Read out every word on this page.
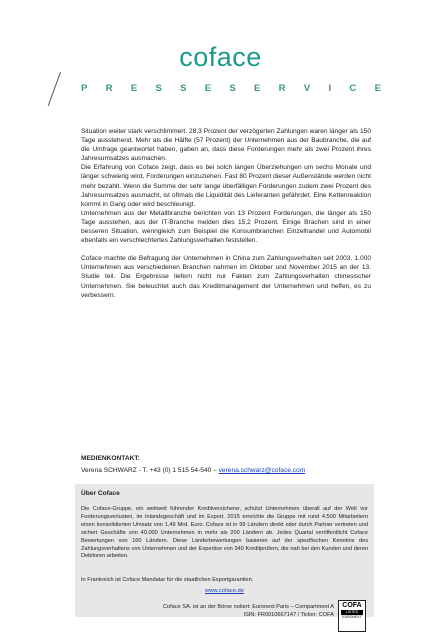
coface
P R E S S E S E R V I C E

Situation weiter stark verschlimmert. 28,3 Prozent der verzögerten Zahlungen waren länger als 150 Tage ausstehend. Mehr als die Hälfte (57 Prozent) der Unternehmen aus der Baubranche, die auf die Umfrage geantwortet haben, gaben an, dass diese Forderungen mehr als zwei Prozent ihres Jahresumsatzes ausmachen.

Die Erfahrung von Coface zeigt, dass es bei solch langen Überziehungen um sechs Monate und länger schwierig wird, Forderungen einzuziehen. Fast 80 Prozent dieser Außenstände werden nicht mehr bezahlt. Wenn die Summe der sehr lange überfälligen Forderungen zudem zwei Prozent des Jahresumsatzes ausmacht, ist oftmals die Liquidität des Lieferanten gefährdet. Eine Kettenreaktion kommt in Gang oder wird beschleunigt.

Unternehmen aus der Metallbranche berichten von 13 Prozent Forderungen, die länger als 150 Tage ausstehen, aus der IT-Branche melden dies 15,2 Prozent. Einige Brachen sind in einer besseren Situation, wenngleich zum Beispiel die Konsumbranchen Einzelhandel und Automobil ebenfalls ein verschlechtertes Zahlungsverhalten feststellen.

Coface machte die Befragung der Unternehmen in China zum Zahlungsverhalten seit 2003. 1.000 Unternehmen aus verschiedenen Branchen nahmen im Oktober und November 2015 an der 13. Studie teil. Die Ergebnisse liefern nicht nur Fakten zum Zahlungsverhalten chinesischer Unternehmen. Sie beleuchtet auch das Kreditmanagement der Unternehmen und helfen, es zu verbessern.

MEDIENKONTAKT:
Verena SCHWARZ - T. +43 (0) 1 515 54-540 – verena.schwarz@coface.com
Über Coface

Die Coface-Gruppe, ein weltweit führender Kreditversicherer, schützt Unternehmen überall auf der Welt vor Forderungsverlusten, im Inlandsgeschäft und im Export. 2015 erreichte die Gruppe mit rund 4.500 Mitarbeitern einen konsolidierten Umsatz von 1,49 Mrd. Euro. Coface ist in 99 Ländern direkt oder durch Partner vertreten und sichert Geschäfte von 40.000 Unternehmen in mehr als 200 Ländern ab. Jedes Quartal veröffentlicht Coface Bewertungen von 160 Ländern. Diese Länderbewertungen basieren auf der spezifischen Kenntnis des Zahlungsverhaltens von Unternehmen und der Expertise von 340 Kreditprüfern, die nah bei den Kunden und deren Debitoren arbeiten.

In Frankreich ist Coface Mandatar für die staatlichen Exportgarantien.

www.coface.de
Coface SA. ist an der Börse notiert: Euronext Paris – Compartment A
ISIN: FR0010667147 / Ticker: COFA
COFA
LISTED
EURONEXT
